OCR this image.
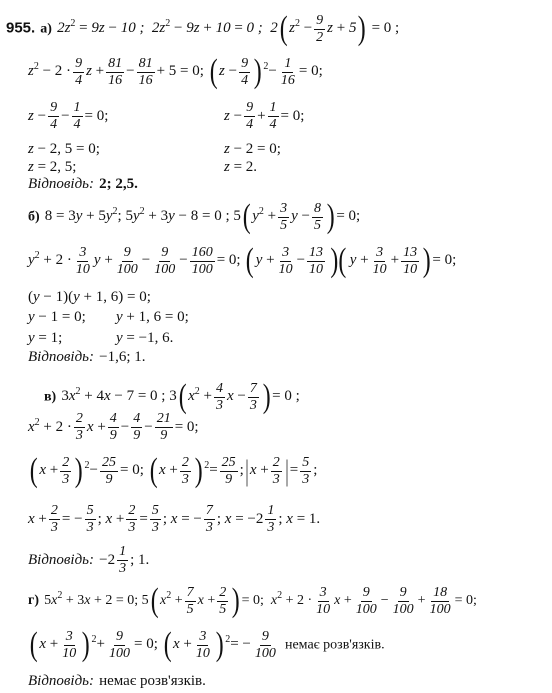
955. а) $2z^2 = 9z - 10$ ;  $2z^2 - 9z + 10 = 0$ ;  2( $z^2 - \frac{9}{2}$ z + 5) = 0 ;
$z^2 - 2 \cdot \frac{9}{4}$ $z + \frac{81}{16} - \frac{81}{16} + 5 = 0$; ( $z - \frac{9}{4}$ ) $^2- \frac{1}{16} = 0$;
$z - \frac{9}{4} - \frac{1}{4} = 0$;	$z - \frac{9}{4} + \frac{1}{4} = 0$;
z − 2, 5 = 0;	z − 2 = 0;
z = 2, 5;	z = 2.
Відповідь: 2; 2,5.
б) $8 = 3y + 5y^2$; $5y^2 + 3y - 8 = 0$ ; 5( $y^2 + \frac{3}{5}$ $y - \frac{8}{5}$ ) = 0;
$y^2 + 2 \cdot \frac{3}{10}$ $y + \frac{9}{100} - \frac{9}{100} - \frac{160}{100} = 0$; ( $y + \frac{3}{10} - \frac{13}{10}$ )( $y + \frac{3}{10} + \frac{13}{10}$ ) = 0;
(y − 1)(y + 1, 6) = 0;
y − 1 = 0; y + 1, 6 = 0;
y = 1;	y = −1, 6.
Відповідь: −1,6; 1.
в) $3x^2 + 4x - 7 = 0$ ; 3( $x^2 + \frac{4}{3}$ $x - \frac{7}{3}$ ) = 0 ;
$x^2 + 2 \cdot \frac{2}{3}$ $x + \frac{4}{9} - \frac{4}{9} - \frac{21}{9} = 0$;
( $x + \frac{2}{3}$ ) $^2- \frac{25}{9} = 0$; ( $x + \frac{2}{3}$ ) $^2= \frac{25}{9}$ ;| $x + \frac{2}{3}$ | = $\frac{5}{3}$ ;
$x + \frac{2}{3}$ = − $\frac{5}{3}$ ; $x + \frac{2}{3} = \frac{5}{3}$ ; x = − $\frac{7}{3}$ ; $x = -2 \frac{1}{3}$ ; x = 1.
Відповідь: $-2 \frac{1}{3}$ ; 1.
г) $5x^2 + 3x + 2 = 0$; 5( $x^2 + \frac{7}{5}$ $x + \frac{2}{5}$ ) = 0;  $x^2 + 2 \cdot \frac{3}{10}$ $x + \frac{9}{100} - \frac{9}{100} + \frac{18}{100} = 0$;
( $x + \frac{3}{10}$ ) $^2+ \frac{9}{100} = 0$; ( $x + \frac{3}{10}$ ) $^2= - \frac{9}{100}$ немає розв'язків.
Відповідь: немає розв'язків.
